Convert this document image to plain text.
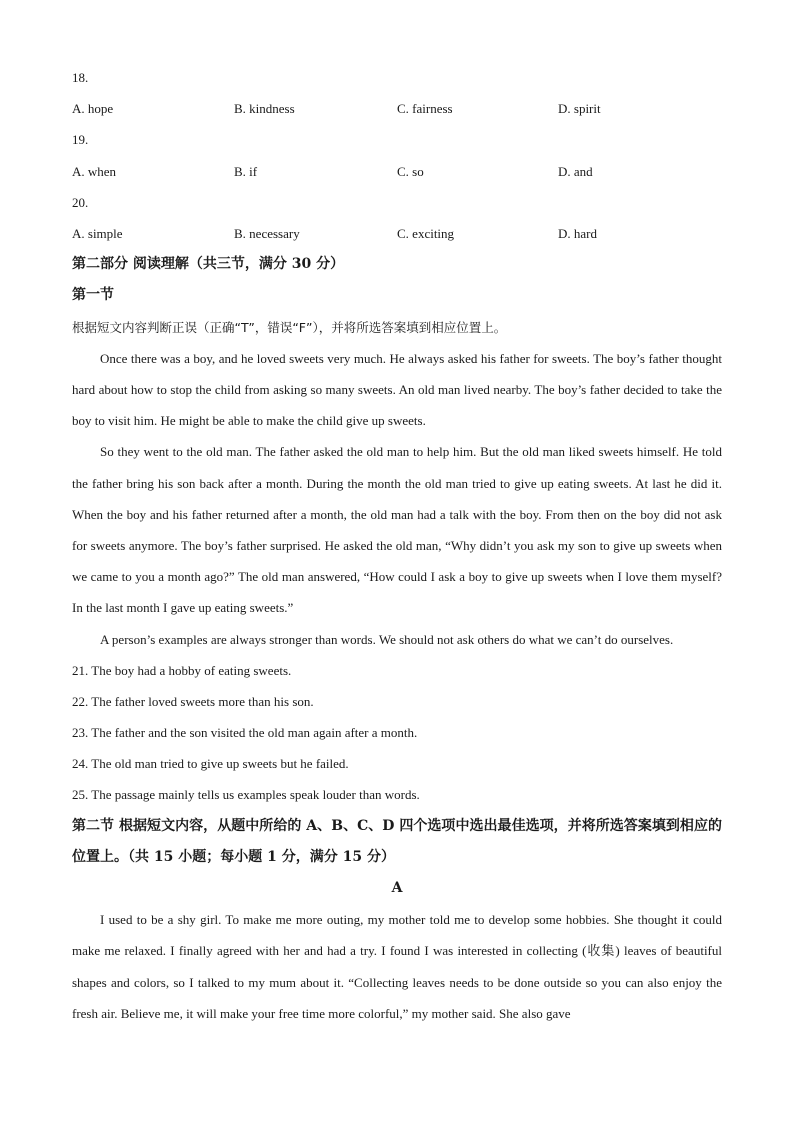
18.
A. hope	B. kindness	C. fairness	D. spirit
19.
A. when	B. if	C. so	D. and
20.
A. simple	B. necessary	C. exciting	D. hard
第二部分 阅读理解（共三节，满分 30 分）
第一节
根据短文内容判断正误（正确“T”，错误“F”），并将所选答案填到相应位置上。

Once there was a boy, and he loved sweets very much. He always asked his father for sweets. The boy’s father thought hard about how to stop the child from asking so many sweets. An old man lived nearby. The boy’s father decided to take the boy to visit him. He might be able to make the child give up sweets.

So they went to the old man. The father asked the old man to help him. But the old man liked sweets himself. He told the father bring his son back after a month. During the month the old man tried to give up eating sweets. At last he did it. When the boy and his father returned after a month, the old man had a talk with the boy. From then on the boy did not ask for sweets anymore. The boy’s father surprised. He asked the old man, “Why didn’t you ask my son to give up sweets when we came to you a month ago?” The old man answered, “How could I ask a boy to give up sweets when I love them myself? In the last month I gave up eating sweets.”

A person’s examples are always stronger than words. We should not ask others do what we can’t do ourselves.

21. The boy had a hobby of eating sweets.
22. The father loved sweets more than his son.
23. The father and the son visited the old man again after a month.
24. The old man tried to give up sweets but he failed.
25. The passage mainly tells us examples speak louder than words.

第二节 根据短文内容，从题中所给的 A、B、C、D 四个选项中选出最佳选项，并将所选答案填到相应的位置上。（共 15 小题；每小题 1 分，满分 15 分）

A

I used to be a shy girl. To make me more outing, my mother told me to develop some hobbies. She thought it could make me relaxed. I finally agreed with her and had a try. I found I was interested in collecting (收集) leaves of beautiful shapes and colors, so I talked to my mum about it. “Collecting leaves needs to be done outside so you can also enjoy the fresh air. Believe me, it will make your free time more colorful,” my mother said. She also gave
